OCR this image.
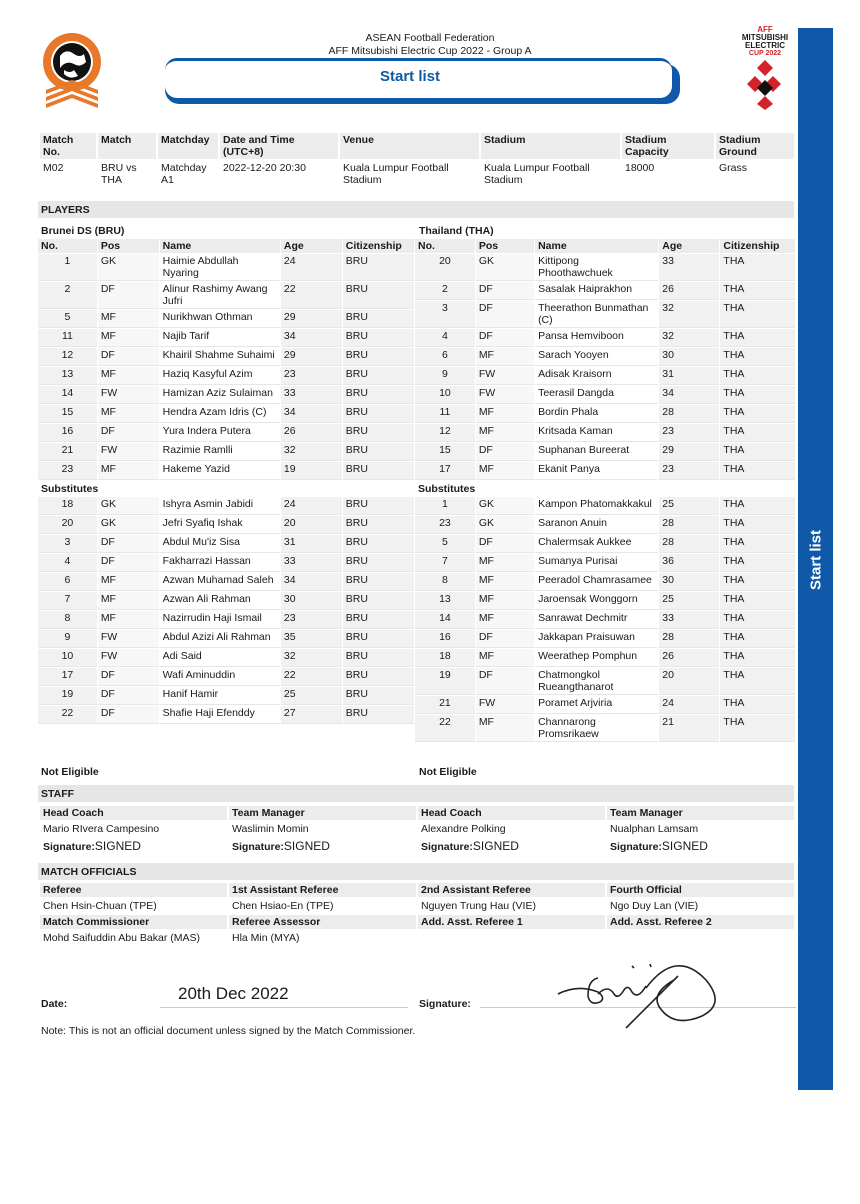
AFF
MITSUBISHI
ELECTRIC
CUP 2022
ASEAN Football Federation
AFF Mitsubishi Electric Cup 2022 - Group A
Start list
Start list
Match No.	Match	Matchday	Date and Time (UTC+8)	Venue	Stadium	Stadium Capacity	Stadium Ground
M02	BRU vs THA	Matchday A1	2022-12-20 20:30	Kuala Lumpur Football Stadium	Kuala Lumpur Football Stadium	18000	Grass
PLAYERS
Brunei DS (BRU)	Thailand (THA)
No.	Pos	Name	Age	Citizenship
1	GK	Haimie Abdullah Nyaring	24	BRU
2	DF	Alinur Rashimy Awang Jufri	22	BRU
5	MF	Nurikhwan Othman	29	BRU
11	MF	Najib Tarif	34	BRU
12	DF	Khairil Shahme Suhaimi	29	BRU
13	MF	Haziq Kasyful Azim	23	BRU
14	FW	Hamizan Aziz Sulaiman	33	BRU
15	MF	Hendra Azam Idris (C)	34	BRU
16	DF	Yura Indera Putera	26	BRU
21	FW	Razimie Ramlli	32	BRU
23	MF	Hakeme Yazid	19	BRU
Substitutes				
18	GK	Ishyra Asmin Jabidi	24	BRU
20	GK	Jefri Syafiq Ishak	20	BRU
3	DF	Abdul Mu'iz Sisa	31	BRU
4	DF	Fakharrazi Hassan	33	BRU
6	MF	Azwan Muhamad Saleh	34	BRU
7	MF	Azwan Ali Rahman	30	BRU
8	MF	Nazirrudin Haji Ismail	23	BRU
9	FW	Abdul Azizi Ali Rahman	35	BRU
10	FW	Adi Said	32	BRU
17	DF	Wafi Aminuddin	22	BRU
19	DF	Hanif Hamir	25	BRU
22	DF	Shafie Haji Efenddy	27	BRU
No.	Pos	Name	Age	Citizenship
20	GK	Kittipong Phoothawchuek	33	THA
2	DF	Sasalak Haiprakhon	26	THA
3	DF	Theerathon Bunmathan (C)	32	THA
4	DF	Pansa Hemviboon	32	THA
6	MF	Sarach Yooyen	30	THA
9	FW	Adisak Kraisorn	31	THA
10	FW	Teerasil Dangda	34	THA
11	MF	Bordin Phala	28	THA
12	MF	Kritsada Kaman	23	THA
15	DF	Suphanan Bureerat	29	THA
17	MF	Ekanit Panya	23	THA
Substitutes				
1	GK	Kampon Phatomakkakul	25	THA
23	GK	Saranon Anuin	28	THA
5	DF	Chalermsak Aukkee	28	THA
7	MF	Sumanya Purisai	36	THA
8	MF	Peeradol Chamrasamee	30	THA
13	MF	Jaroensak Wonggorn	25	THA
14	MF	Sanrawat Dechmitr	33	THA
16	DF	Jakkapan Praisuwan	28	THA
18	MF	Weerathep Pomphun	26	THA
19	DF	Chatmongkol Rueangthanarot	20	THA
21	FW	Poramet Arjviria	24	THA
22	MF	Channarong Promsrikaew	21	THA
Not Eligible	Not Eligible
STAFF
Head Coach	Team Manager	Head Coach	Team Manager
Mario RIvera Campesino	Waslimin Momin	Alexandre Polking	Nualphan Lamsam
Signature:SIGNED	Signature:SIGNED	Signature:SIGNED	Signature:SIGNED
MATCH OFFICIALS
Referee	1st Assistant Referee	2nd Assistant Referee	Fourth Official
Chen Hsin-Chuan (TPE)	Chen Hsiao-En (TPE)	Nguyen Trung Hau (VIE)	Ngo Duy Lan (VIE)
Match Commissioner	Referee Assessor	Add. Asst. Referee 1	Add. Asst. Referee 2
Mohd Saifuddin Abu Bakar (MAS)	Hla Min (MYA)		
Date:
20th Dec 2022
Signature:
Note: This is not an official document unless signed by the Match Commissioner.
